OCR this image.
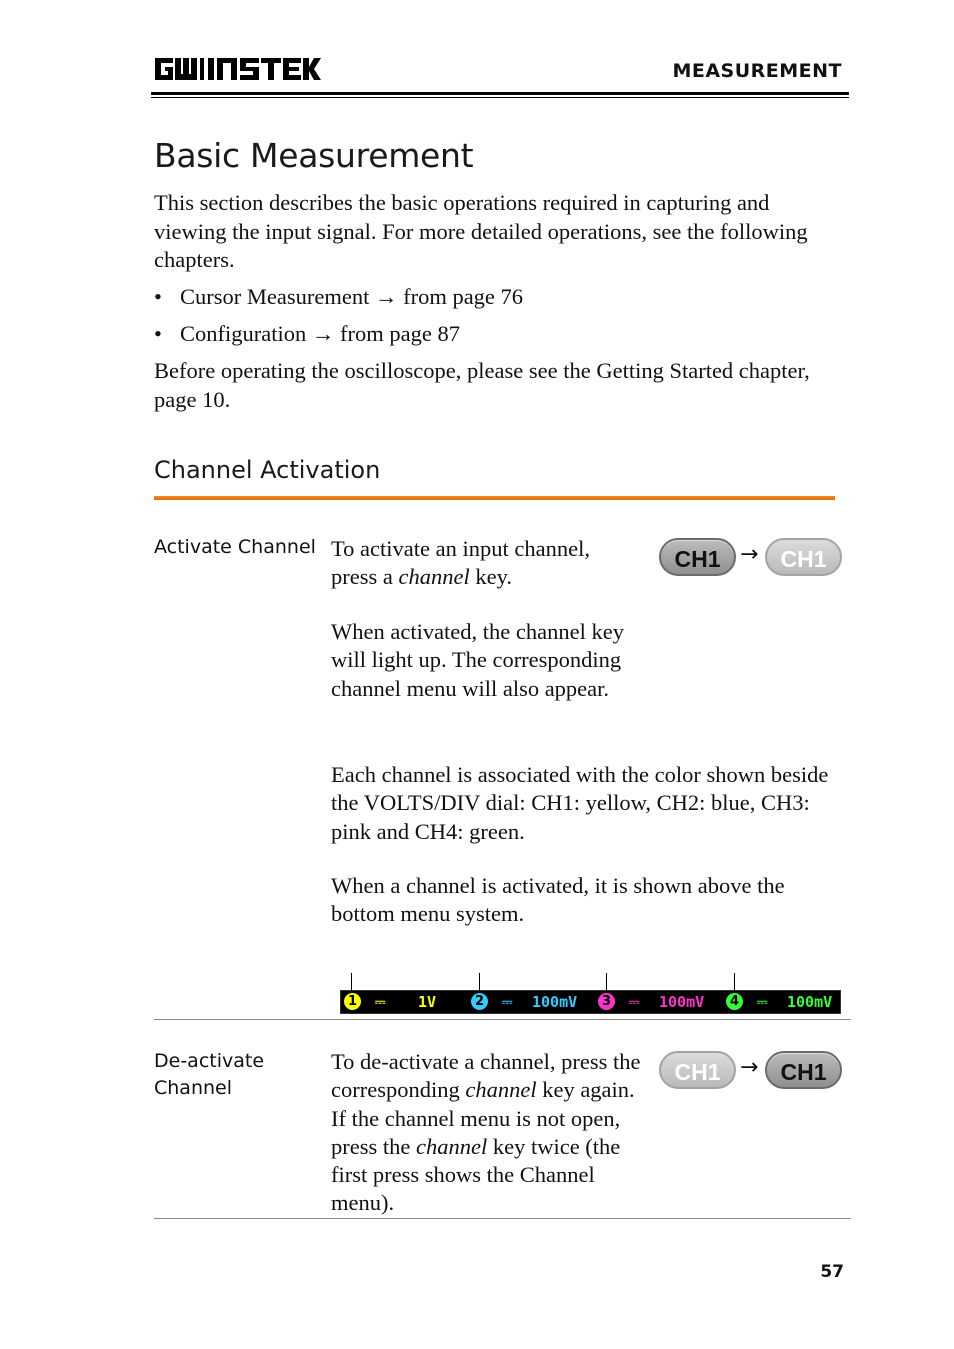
MEASUREMENT
Basic Measurement

This section describes the basic operations required in capturing and viewing the input signal. For more detailed operations, see the following chapters.

• Cursor Measurement → from page 76
• Configuration → from page 87

Before operating the oscilloscope, please see the Getting Started chapter, page 10.

Channel Activation
Activate Channel To activate an input channel, press a channel key.

CH1 → CH1

When activated, the channel key will light up. The corresponding channel menu will also appear.

Each channel is associated with the color shown beside the VOLTS/DIV dial: CH1: yellow, CH2: blue, CH3: pink and CH4: green.

When a channel is activated, it is shown above the bottom menu system.

1	⎓ 1V	2	⎓ 100mV	3	⎓ 100mV	4	⎓ 100mV
De-activate
Channel

To de-activate a channel, press the corresponding channel key again. If the channel menu is not open, press the channel key twice (the first press shows the Channel menu).

CH1 → CH1
57
